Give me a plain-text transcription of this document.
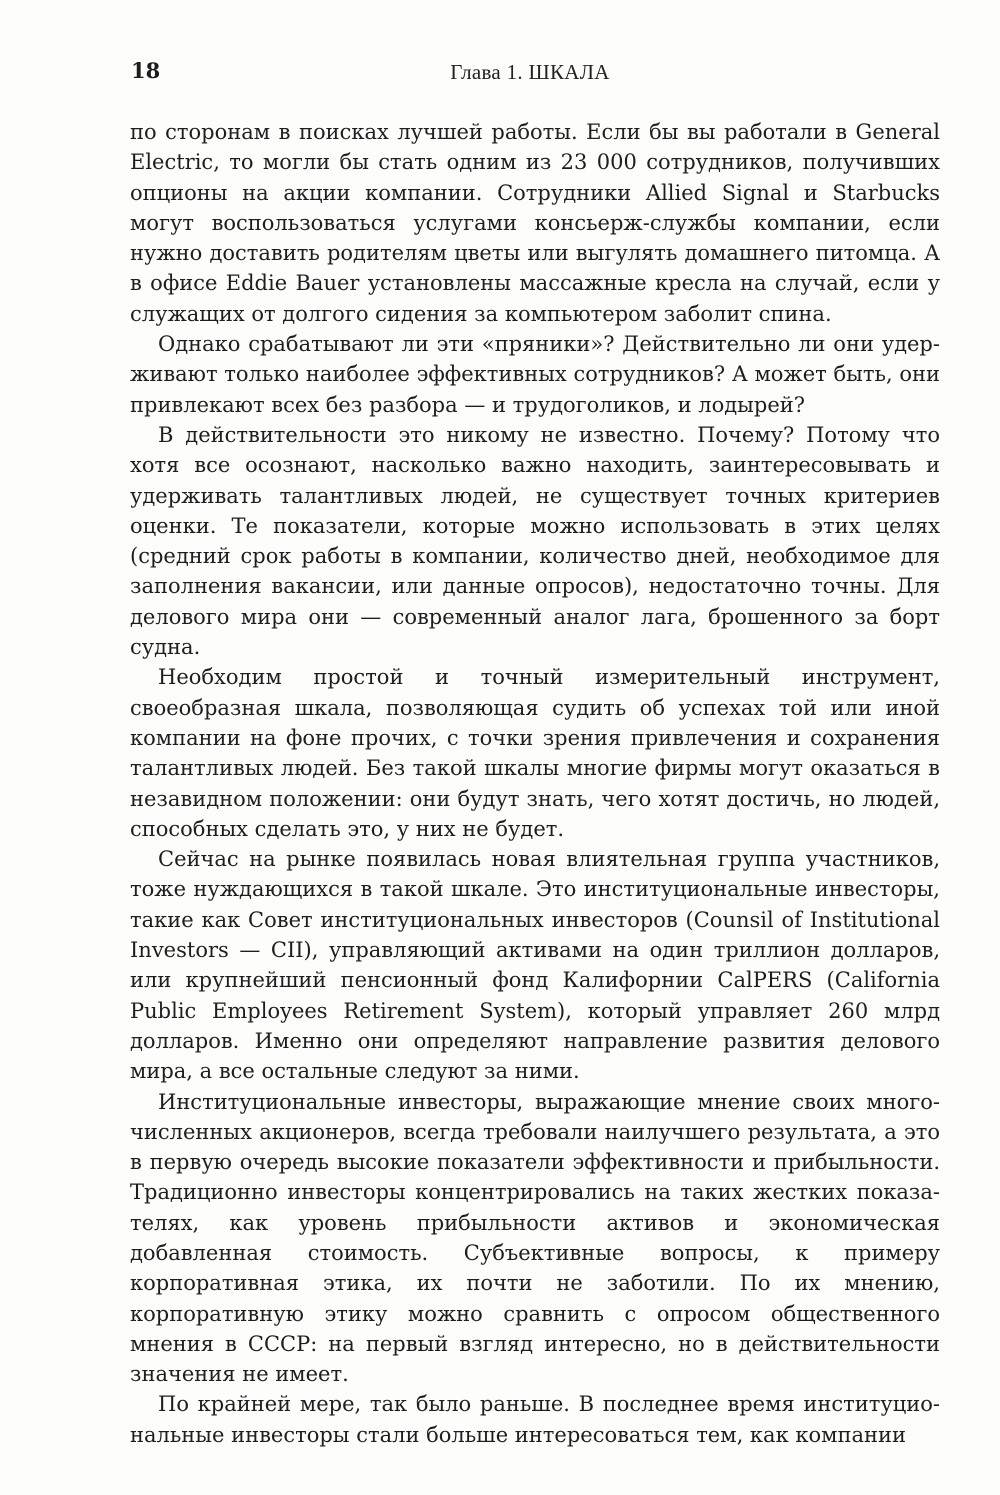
18	Глава 1. ШКАЛА

по сторонам в поисках лучшей работы. Если бы вы работали в General Electric, то могли бы стать одним из 23 000 сотрудников, получивших опционы на акции компании. Сотрудники Allied Signal и Starbucks могут воспользоваться услугами консьерж-службы компании, если нужно доставить родителям цветы или выгулять домашнего питомца. А в офисе Eddie Bauer установлены массажные кресла на случай, если у служащих от долгого сидения за компьютером заболит спина.

Однако срабатывают ли эти «пряники»? Действительно ли они удерживают только наиболее эффективных сотрудников? А может быть, они привлекают всех без разбора — и трудоголиков, и лодырей?

В действительности это никому не известно. Почему? Потому что хотя все осознают, насколько важно находить, заинтересовывать и удерживать талантливых людей, не существует точных критериев оценки. Те показатели, которые можно использовать в этих целях (средний срок работы в компании, количество дней, необходимое для заполнения вакансии, или данные опросов), недостаточно точны. Для делового мира они — современный аналог лага, брошенного за борт судна.

Необходим простой и точный измерительный инструмент, своеобразная шкала, позволяющая судить об успехах той или иной компании на фоне прочих, с точки зрения привлечения и сохранения талантливых людей. Без такой шкалы многие фирмы могут оказаться в незавидном положении: они будут знать, чего хотят достичь, но людей, способных сделать это, у них не будет.

Сейчас на рынке появилась новая влиятельная группа участников, тоже нуждающихся в такой шкале. Это институциональные инвесторы, такие как Совет институциональных инвесторов (Counsil of Institutional Investors — CII), управляющий активами на один триллион долларов, или крупнейший пенсионный фонд Калифорнии CalPERS (California Public Employees Retirement System), который управляет 260 млрд долларов. Именно они определяют направление развития делового мира, а все остальные следуют за ними.

Институциональные инвесторы, выражающие мнение своих многочисленных акционеров, всегда требовали наилучшего результата, а это в первую очередь высокие показатели эффективности и прибыльности. Традиционно инвесторы концентрировались на таких жестких показателях, как уровень прибыльности активов и экономическая добавленная стоимость. Субъективные вопросы, к примеру корпоративная этика, их почти не заботили. По их мнению, корпоративную этику можно сравнить с опросом общественного мнения в СССР: на первый взгляд интересно, но в действительности значения не имеет.

По крайней мере, так было раньше. В последнее время институциональные инвесторы стали больше интересоваться тем, как компании
